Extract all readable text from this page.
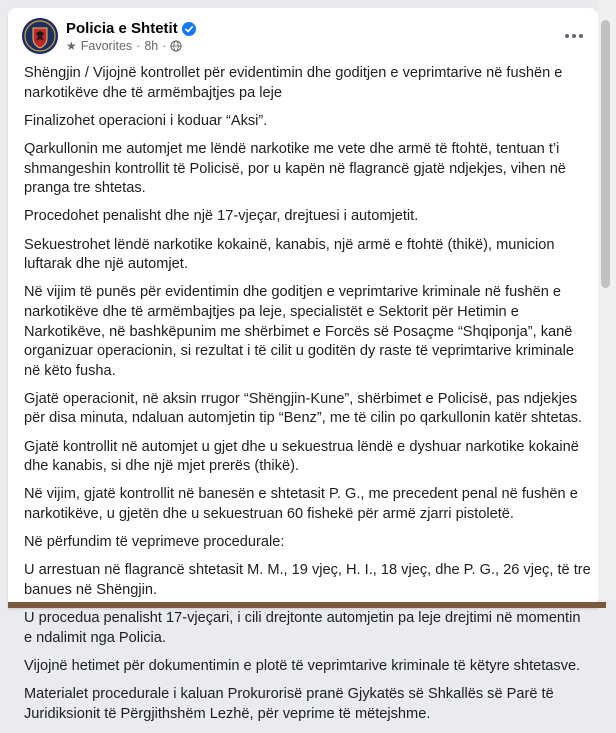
Policia e Shtetit
★ Favorites · 8h ·

Shëngjin / Vijojnë kontrollet për evidentimin dhe goditjen e veprimtarive në fushën e narkotikëve dhe të armëmbajtjes pa leje

Finalizohet operacioni i koduar “Aksi”.

Qarkullonin me automjet me lëndë narkotike me vete dhe armë të ftohtë, tentuan t’i shmangeshin kontrollit të Policisë, por u kapën në flagrancë gjatë ndjekjes, vihen në pranga tre shtetas.

Procedohet penalisht dhe një 17-vjeçar, drejtuesi i automjetit.

Sekuestrohet lëndë narkotike kokainë, kanabis, një armë e ftohtë (thikë), municion luftarak dhe një automjet.

Në vijim të punës për evidentimin dhe goditjen e veprimtarive kriminale në fushën e narkotikëve dhe të armëmbajtjes pa leje, specialistët e Sektorit për Hetimin e Narkotikëve, në bashkëpunim me shërbimet e Forcës së Posaçme “Shqiponja”, kanë organizuar operacionin, si rezultat i të cilit u goditën dy raste të veprimtarive kriminale në këto fusha.

Gjatë operacionit, në aksin rrugor “Shëngjin-Kune”, shërbimet e Policisë, pas ndjekjes për disa minuta, ndaluan automjetin tip “Benz”, me të cilin po qarkullonin katër shtetas.

Gjatë kontrollit në automjet u gjet dhe u sekuestrua lëndë e dyshuar narkotike kokainë dhe kanabis, si dhe një mjet prerës (thikë).

Në vijim, gjatë kontrollit në banesën e shtetasit P. G., me precedent penal në fushën e narkotikëve, u gjetën dhe u sekuestruan 60 fishekë për armë zjarri pistoletë.

Në përfundim të veprimeve procedurale:

U arrestuan në flagrancë shtetasit M. M., 19 vjeç, H. I., 18 vjeç, dhe P. G., 26 vjeç, të tre banues në Shëngjin.

U procedua penalisht 17-vjeçari, i cili drejtonte automjetin pa leje drejtimi në momentin e ndalimit nga Policia.

Vijojnë hetimet për dokumentimin e plotë të veprimtarive kriminale të këtyre shtetasve.

Materialet procedurale i kaluan Prokurorisë pranë Gjykatës së Shkallës së Parë të Juridiksionit të Përgjithshëm Lezhë, për veprime të mëtejshme.
